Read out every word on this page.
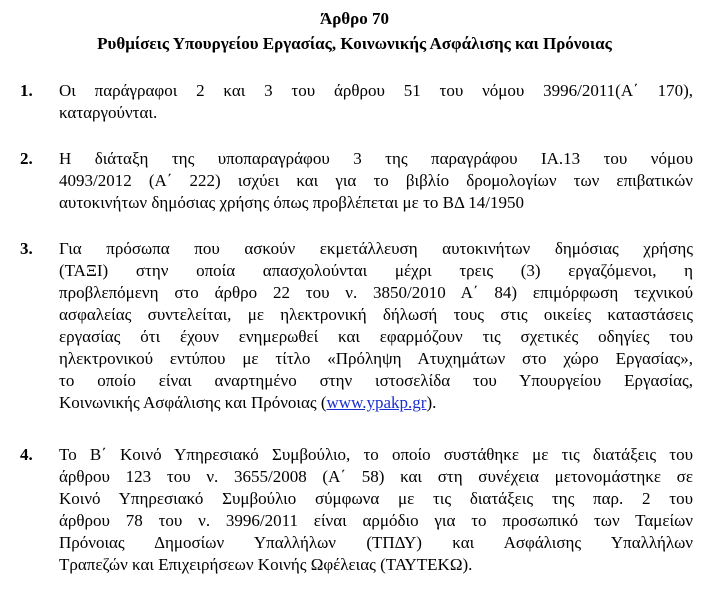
Άρθρο 70
Ρυθμίσεις Υπουργείου Εργασίας, Κοινωνικής Ασφάλισης και Πρόνοιας
1. Οι παράγραφοι 2 και 3 του άρθρου 51 του νόμου 3996/2011(Α΄ 170),
καταργούνται.
2. Η διάταξη της υποπαραγράφου 3 της παραγράφου ΙΑ.13 του νόμου
4093/2012 (Α΄ 222) ισχύει και για το βιβλίο δρομολογίων των επιβατικών
αυτοκινήτων δημόσιας χρήσης όπως προβλέπεται με το ΒΔ 14/1950
3. Για πρόσωπα που ασκούν εκμετάλλευση αυτοκινήτων δημόσιας χρήσης
(ΤΑΞΙ) στην οποία απασχολούνται μέχρι τρεις (3) εργαζόμενοι, η
προβλεπόμενη στο άρθρο 22 του ν. 3850/2010 Α΄ 84) επιμόρφωση τεχνικού
ασφαλείας συντελείται, με ηλεκτρονική δήλωσή τους στις οικείες καταστάσεις
εργασίας ότι έχουν ενημερωθεί και εφαρμόζουν τις σχετικές οδηγίες του
ηλεκτρονικού εντύπου με τίτλο «Πρόληψη Ατυχημάτων στο χώρο Εργασίας»,
το οποίο είναι αναρτημένο στην ιστοσελίδα του Υπουργείου Εργασίας,
Κοινωνικής Ασφάλισης και Πρόνοιας (www.ypakp.gr).
4. Το Β΄ Κοινό Υπηρεσιακό Συμβούλιο, το οποίο συστάθηκε με τις διατάξεις του
άρθρου 123 του ν. 3655/2008 (Α΄ 58) και στη συνέχεια μετονομάστηκε σε
Κοινό Υπηρεσιακό Συμβούλιο σύμφωνα με τις διατάξεις της παρ. 2 του
άρθρου 78 του ν. 3996/2011 είναι αρμόδιο για το προσωπικό των Ταμείων
Πρόνοιας Δημοσίων Υπαλλήλων (ΤΠΔΥ) και Ασφάλισης Υπαλλήλων
Τραπεζών και Επιχειρήσεων Κοινής Ωφέλειας (ΤΑΥΤΕΚΩ).
